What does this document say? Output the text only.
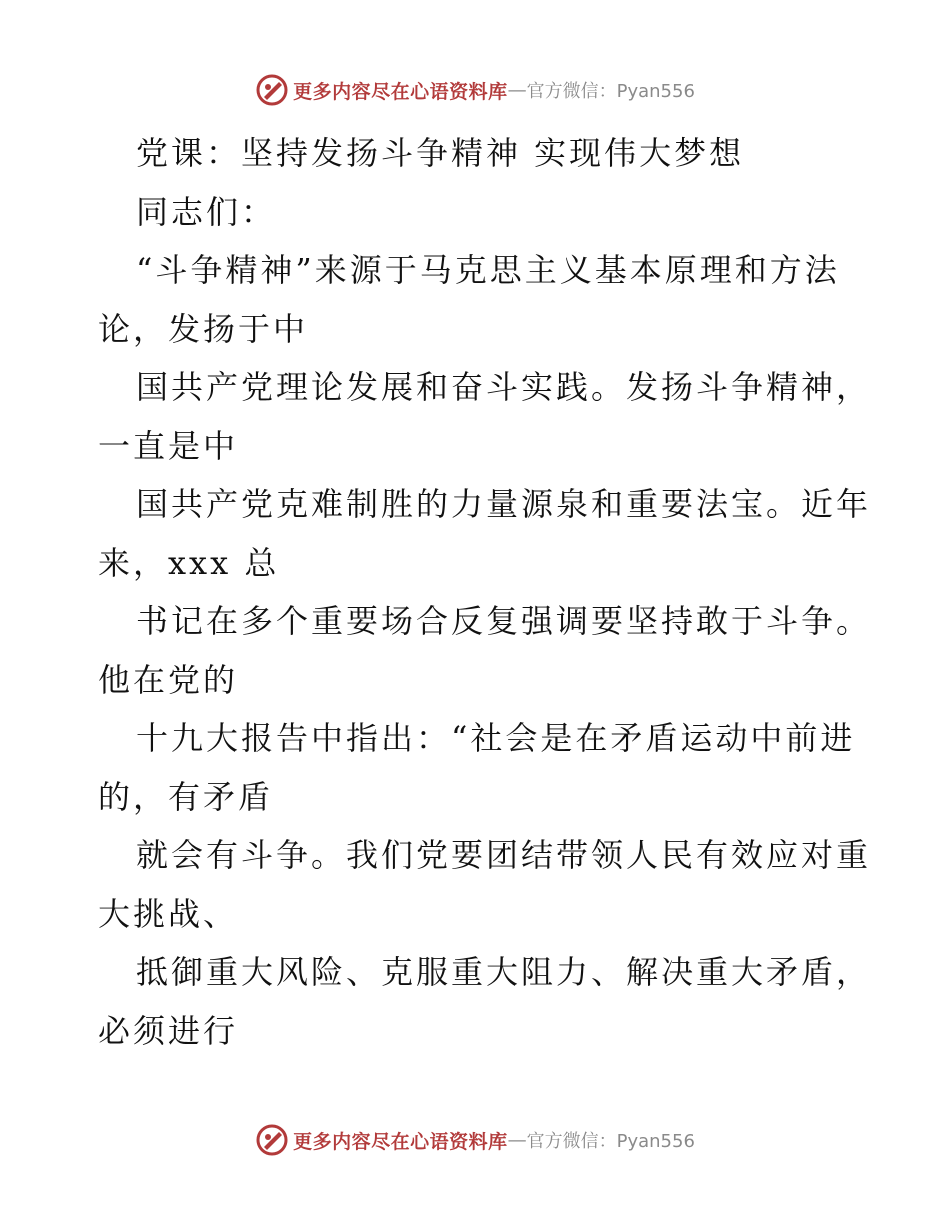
更多内容尽在心语资料库 — 官方微信：Pyan556
党课：坚持发扬斗争精神 实现伟大梦想
同志们：
“斗争精神”来源于马克思主义基本原理和方法
论，发扬于中
国共产党理论发展和奋斗实践。发扬斗争精神，
一直是中
国共产党克难制胜的力量源泉和重要法宝。近年
来，xxx 总
书记在多个重要场合反复强调要坚持敢于斗争。
他在党的
十九大报告中指出：“社会是在矛盾运动中前进
的，有矛盾
就会有斗争。我们党要团结带领人民有效应对重
大挑战、
抵御重大风险、克服重大阻力、解决重大矛盾，
必须进行
更多内容尽在心语资料库 — 官方微信：Pyan556
